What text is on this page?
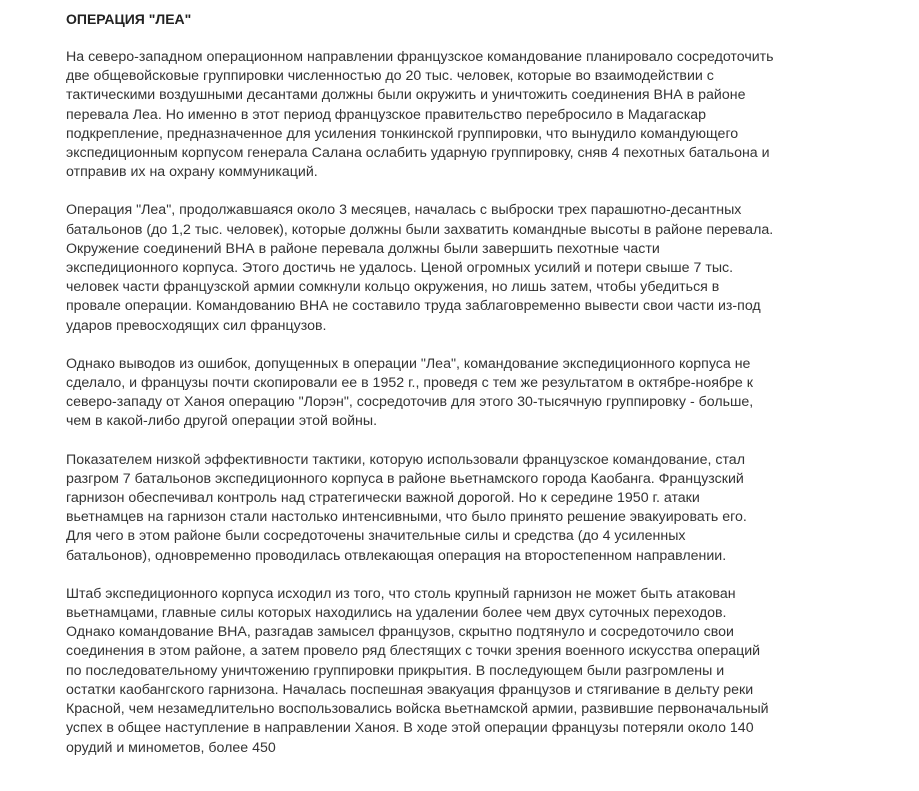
ОПЕРАЦИЯ "ЛЕА"

На северо-западном операционном направлении французское командование планировало сосредоточить две общевойсковые группировки численностью до 20 тыс. человек, которые во взаимодействии с тактическими воздушными десантами должны были окружить и уничтожить соединения ВНА в районе перевала Леа. Но именно в этот период французское правительство перебросило в Мадагаскар подкрепление, предназначенное для усиления тонкинской группировки, что вынудило командующего экспедиционным корпусом генерала Салана ослабить ударную группировку, сняв 4 пехотных батальона и отправив их на охрану коммуникаций.

Операция "Леа", продолжавшаяся около 3 месяцев, началась с выброски трех парашютно-десантных батальонов (до 1,2 тыс. человек), которые должны были захватить командные высоты в районе перевала. Окружение соединений ВНА в районе перевала должны были завершить пехотные части экспедиционного корпуса. Этого достичь не удалось. Ценой огромных усилий и потери свыше 7 тыс. человек части французской армии сомкнули кольцо окружения, но лишь затем, чтобы убедиться в провале операции. Командованию ВНА не составило труда заблаговременно вывести свои части из-под ударов превосходящих сил французов.

Однако выводов из ошибок, допущенных в операции "Леа", командование экспедиционного корпуса не сделало, и французы почти скопировали ее в 1952 г., проведя с тем же результатом в октябре-ноябре к северо-западу от Ханоя операцию "Лорэн", сосредоточив для этого 30-тысячную группировку - больше, чем в какой-либо другой операции этой войны.

Показателем низкой эффективности тактики, которую использовали французское командование, стал разгром 7 батальонов экспедиционного корпуса в районе вьетнамского города Каобанга. Французский гарнизон обеспечивал контроль над стратегически важной дорогой. Но к середине 1950 г. атаки вьетнамцев на гарнизон стали настолько интенсивными, что было принято решение эвакуировать его. Для чего в этом районе были сосредоточены значительные силы и средства (до 4 усиленных батальонов), одновременно проводилась отвлекающая операция на второстепенном направлении.

Штаб экспедиционного корпуса исходил из того, что столь крупный гарнизон не может быть атакован вьетнамцами, главные силы которых находились на удалении более чем двух суточных переходов. Однако командование ВНА, разгадав замысел французов, скрытно подтянуло и сосредоточило свои соединения в этом районе, а затем провело ряд блестящих с точки зрения военного искусства операций по последовательному уничтожению группировки прикрытия. В последующем были разгромлены и остатки каобангского гарнизона. Началась поспешная эвакуация французов и стягивание в дельту реки Красной, чем незамедлительно воспользовались войска вьетнамской армии, развившие первоначальный успех в общее наступление в направлении Ханоя. В ходе этой операции французы потеряли около 140 орудий и минометов, более 450
